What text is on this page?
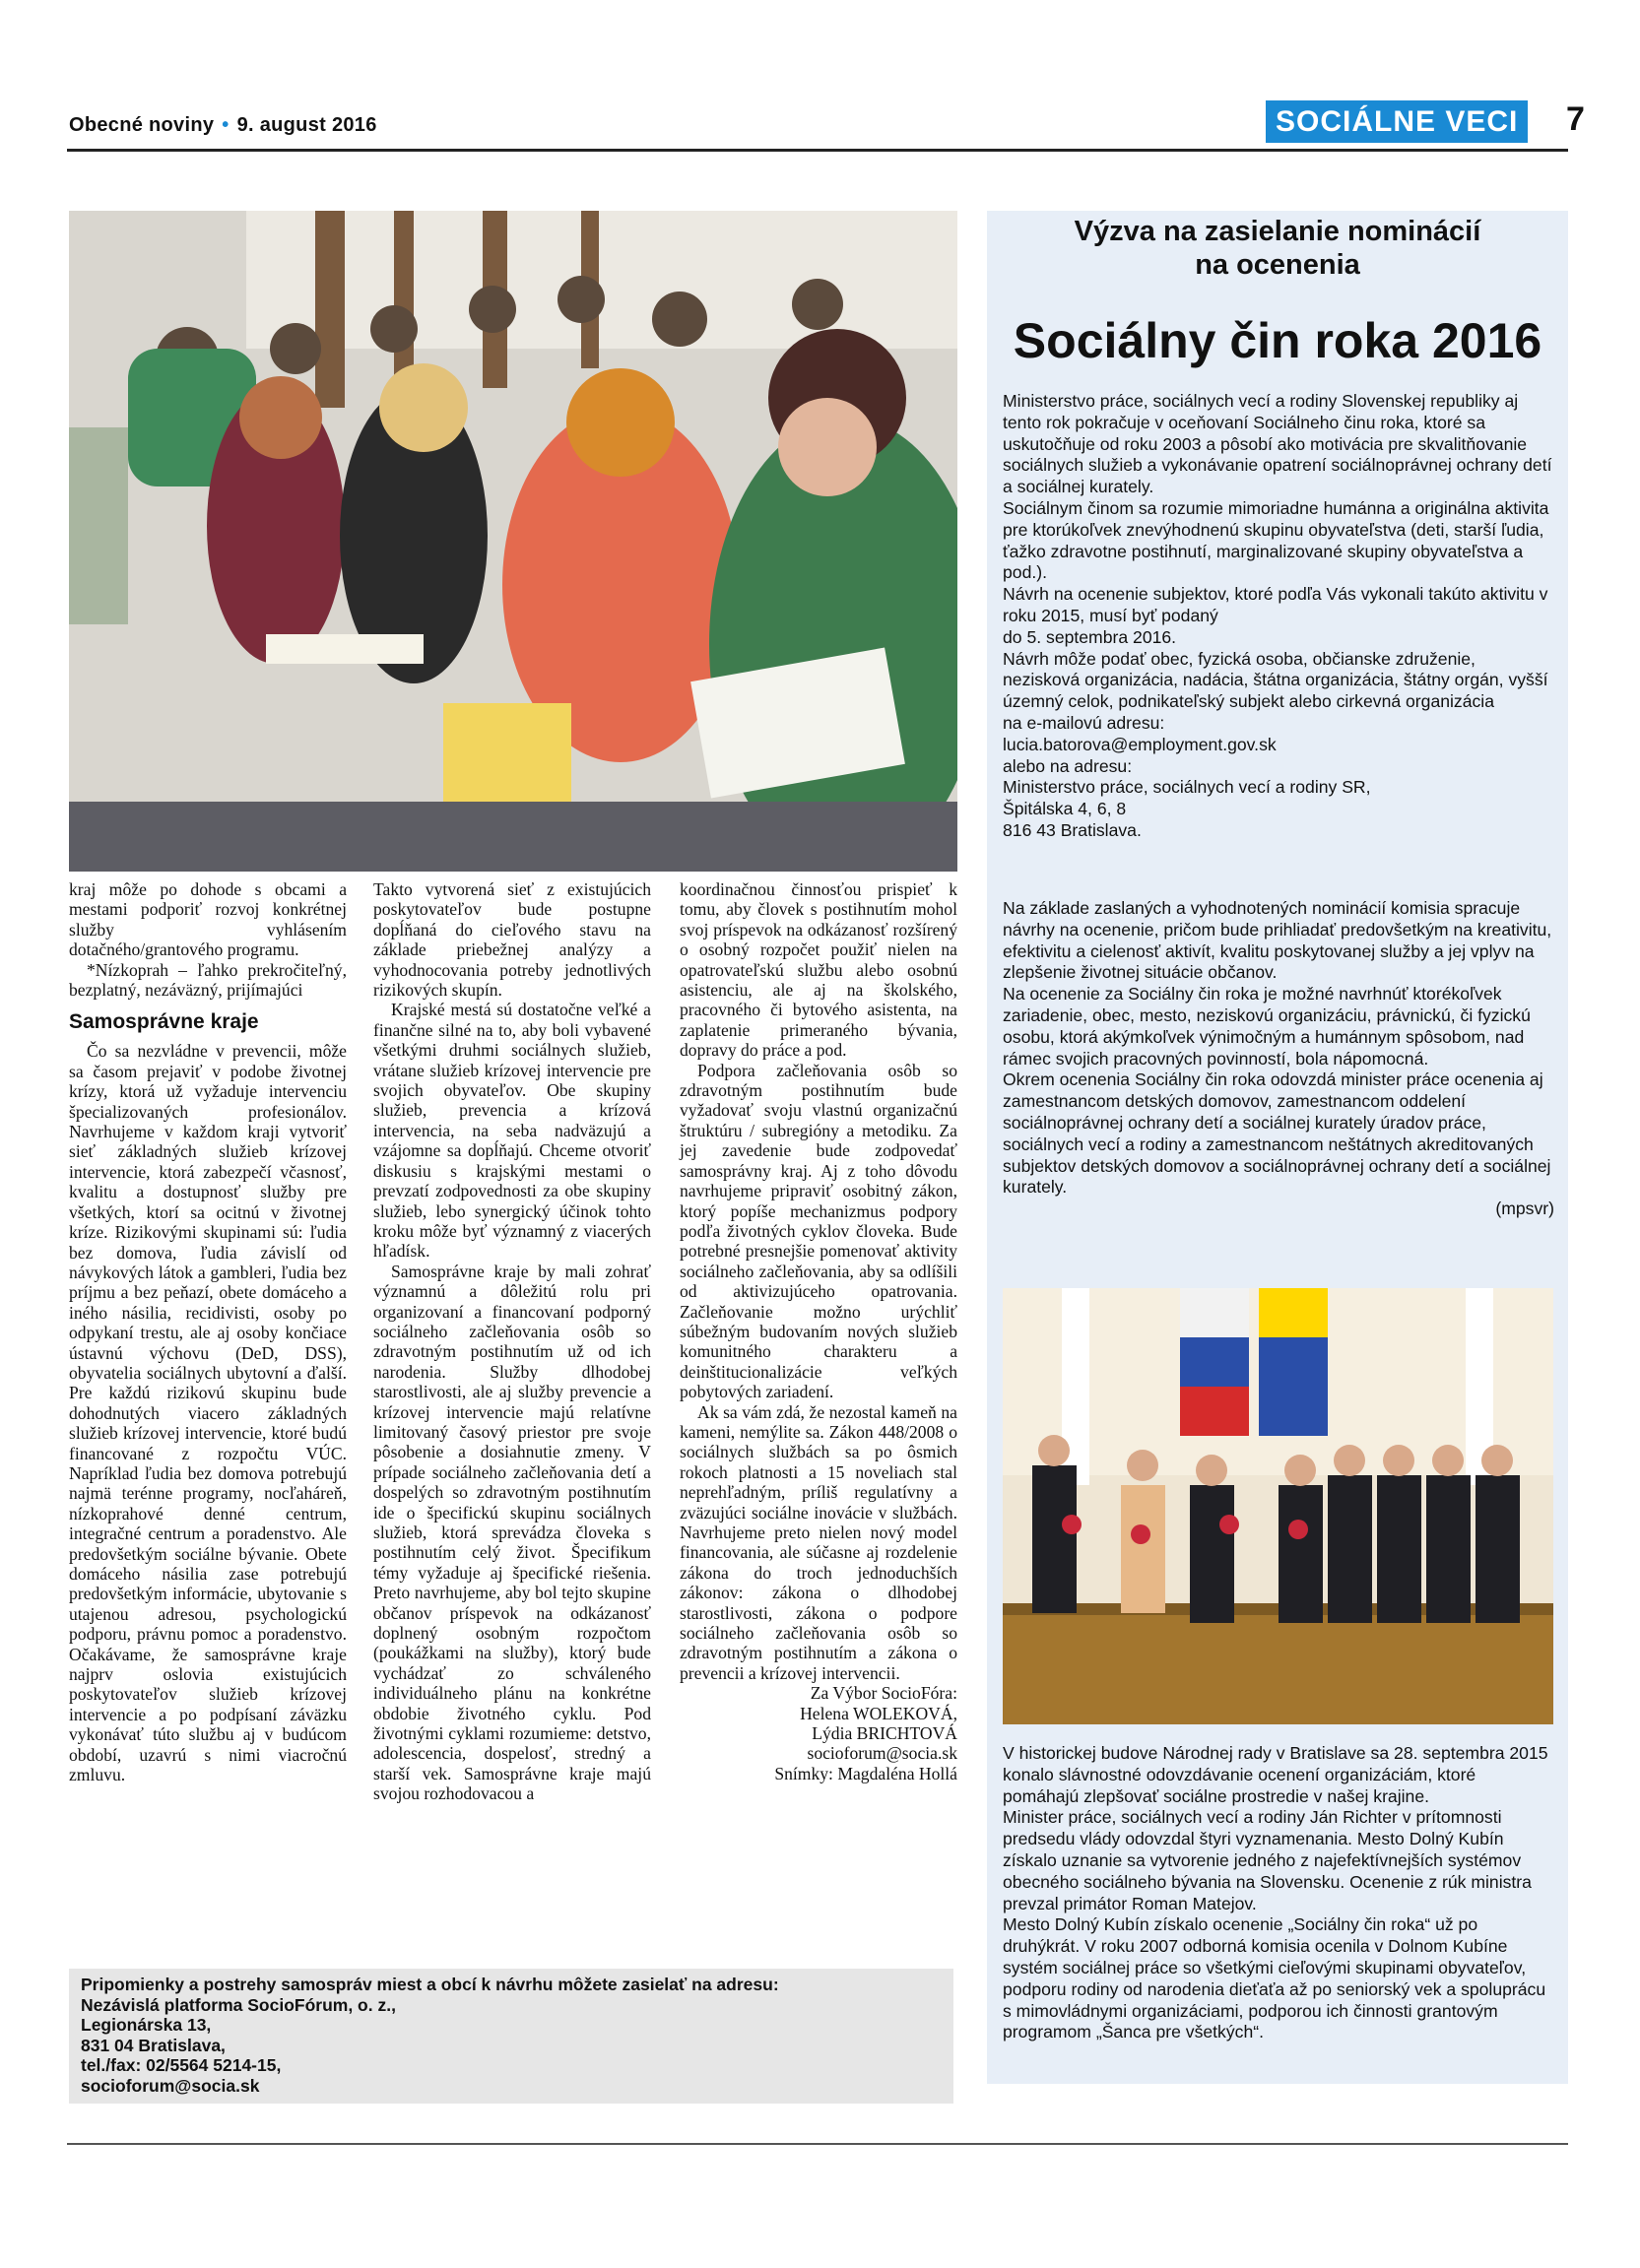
Obecné noviny • 9. august 2016	SOCIÁLNE VECI 7

kraj môže po dohode s obcami a mestami podporiť rozvoj konkrétnej služby vyhlásením dotačného/grantového programu.

*Nízkoprah – ľahko prekročiteľný, bezplatný, nezáväzný, prijímajúci

Samosprávne kraje

Čo sa nezvládne v prevencii, môže sa časom prejaviť v podobe životnej krízy, ktorá už vyžaduje intervenciu špecializovaných profesionálov. Navrhujeme v každom kraji vytvoriť sieť základných služieb krízovej intervencie, ktorá zabezpečí včasnosť, kvalitu a dostupnosť služby pre všetkých, ktorí sa ocitnú v životnej kríze. Rizikovými skupinami sú: ľudia bez domova, ľudia závislí od návykových látok a gambleri, ľudia bez príjmu a bez peňazí, obete domáceho a iného násilia, recidivisti, osoby po odpykaní trestu, ale aj osoby končiace ústavnú výchovu (DeD, DSS), obyvatelia sociálnych ubytovní a ďalší. Pre každú rizikovú skupinu bude dohodnutých viacero základných služieb krízovej intervencie, ktoré budú financované z rozpočtu VÚC. Napríklad ľudia bez domova potrebujú najmä terénne programy, nocľaháreň, nízkoprahové denné centrum, integračné centrum a poradenstvo. Ale predovšetkým sociálne bývanie. Obete domáceho násilia zase potrebujú predovšetkým informácie, ubytovanie s utajenou adresou, psychologickú podporu, právnu pomoc a poradenstvo. Očakávame, že samosprávne kraje najprv oslovia existujúcich poskytovateľov služieb krízovej intervencie a po podpísaní záväzku vykonávať túto službu aj v budúcom období, uzavrú s nimi viacročnú zmluvu.

Takto vytvorená sieť z existujúcich poskytovateľov bude postupne dopĺňaná do cieľového stavu na základe priebežnej analýzy a vyhodnocovania potreby jednotlivých rizikových skupín.

Krajské mestá sú dostatočne veľké a finančne silné na to, aby boli vybavené všetkými druhmi sociálnych služieb, vrátane služieb krízovej intervencie pre svojich obyvateľov. Obe skupiny služieb, prevencia a krízová intervencia, na seba nadväzujú a vzájomne sa dopĺňajú. Chceme otvoriť diskusiu s krajskými mestami o prevzatí zodpovednosti za obe skupiny služieb, lebo synergický účinok tohto kroku môže byť významný z viacerých hľadísk.

Samosprávne kraje by mali zohrať významnú a dôležitú rolu pri organizovaní a financovaní podporný sociálneho začleňovania osôb so zdravotným postihnutím už od ich narodenia. Služby dlhodobej starostlivosti, ale aj služby prevencie a krízovej intervencie majú relatívne limitovaný časový priestor pre svoje pôsobenie a dosiahnutie zmeny. V prípade sociálneho začleňovania detí a dospelých so zdravotným postihnutím ide o špecifickú skupinu sociálnych služieb, ktorá sprevádza človeka s postihnutím celý život. Špecifikum témy vyžaduje aj špecifické riešenia. Preto navrhujeme, aby bol tejto skupine občanov príspevok na odkázanosť doplnený osobným rozpočtom (poukážkami na služby), ktorý bude vychádzať zo schváleného individuálneho plánu na konkrétne obdobie životného cyklu. Pod životnými cyklami rozumieme: detstvo, adolescencia, dospelosť, stredný a starší vek. Samosprávne kraje majú svojou rozhodovacou a

koordinačnou činnosťou prispieť k tomu, aby človek s postihnutím mohol svoj príspevok na odkázanosť rozšírený o osobný rozpočet použiť nielen na opatrovateľskú službu alebo osobnú asistenciu, ale aj na školského, pracovného či bytového asistenta, na zaplatenie primeraného bývania, dopravy do práce a pod.

Podpora začleňovania osôb so zdravotným postihnutím bude vyžadovať svoju vlastnú organizačnú štruktúru / subregióny a metodiku. Za jej zavedenie bude zodpovedať samosprávny kraj. Aj z toho dôvodu navrhujeme pripraviť osobitný zákon, ktorý popíše mechanizmus podpory podľa životných cyklov človeka. Bude potrebné presnejšie pomenovať aktivity sociálneho začleňovania, aby sa odlíšili od aktivizujúceho opatrovania. Začleňovanie možno urýchliť súbežným budovaním nových služieb komunitného charakteru a deinštitucionalizácie veľkých pobytových zariadení.

Ak sa vám zdá, že nezostal kameň na kameni, nemýlite sa. Zákon 448/2008 o sociálnych službách sa po ôsmich rokoch platnosti a 15 noveliach stal neprehľadným, príliš regulatívny a zväzujúci sociálne inovácie v službách. Navrhujeme preto nielen nový model financovania, ale súčasne aj rozdelenie zákona do troch jednoduchších zákonov: zákona o dlhodobej starostlivosti, zákona o podpore sociálneho začleňovania osôb so zdravotným postihnutím a zákona o prevencii a krízovej intervencii.

Za Výbor SocioFóra:

Helena WOLEKOVÁ,

Lýdia BRICHTOVÁ

socioforum@socia.sk

Snímky: Magdaléna Hollá

Výzva na zasielanie nominácií
na ocenenia
Sociálny čin roka 2016

Ministerstvo práce, sociálnych vecí a rodiny Slovenskej republiky aj tento rok pokračuje v oceňovaní Sociálneho činu roka, ktoré sa uskutočňuje od roku 2003 a pôsobí ako motivácia pre skvalitňovanie sociálnych služieb a vykonávanie opatrení sociálnoprávnej ochrany detí a sociálnej kurately.

Sociálnym činom sa rozumie mimoriadne humánna a originálna aktivita pre ktorúkoľvek znevýhodnenú skupinu obyvateľstva (deti, starší ľudia, ťažko zdravotne postihnutí, marginalizované skupiny obyvateľstva a pod.).

Návrh na ocenenie subjektov, ktoré podľa Vás vykonali takúto aktivitu v roku 2015, musí byť podaný

do 5. septembra 2016.

Návrh môže podať obec, fyzická osoba, občianske združenie, nezisková organizácia, nadácia, štátna organizácia, štátny orgán, vyšší územný celok, podnikateľský subjekt alebo cirkevná organizácia

na e-mailovú adresu:

lucia.batorova@employment.gov.sk

alebo na adresu:

Ministerstvo práce, sociálnych vecí a rodiny SR,

Špitálska 4, 6, 8

816 43 Bratislava.

Na základe zaslaných a vyhodnotených nominácií komisia spracuje návrhy na ocenenie, pričom bude prihliadať predovšetkým na kreativitu, efektivitu a cielenosť aktivít, kvalitu poskytovanej služby a jej vplyv na zlepšenie životnej situácie občanov.

Na ocenenie za Sociálny čin roka je možné navrhnúť ktorékoľvek zariadenie, obec, mesto, neziskovú organizáciu, právnickú, či fyzickú osobu, ktorá akýmkoľvek výnimočným a humánnym spôsobom, nad rámec svojich pracovných povinností, bola nápomocná.

Okrem ocenenia Sociálny čin roka odovzdá minister práce ocenenia aj zamestnancom detských domovov, zamestnancom oddelení sociálnoprávnej ochrany detí a sociálnej kurately úradov práce, sociálnych vecí a rodiny a zamestnancom neštátnych akreditovaných subjektov detských domovov a sociálnoprávnej ochrany detí a sociálnej kurately.

(mpsvr)

V historickej budove Národnej rady v Bratislave sa 28. septembra 2015 konalo slávnostné odovzdávanie ocenení organizáciám, ktoré pomáhajú zlepšovať sociálne prostredie v našej krajine.

Minister práce, sociálnych vecí a rodiny Ján Richter v prítomnosti predsedu vlády odovzdal štyri vyznamenania. Mesto Dolný Kubín získalo uznanie sa vytvorenie jedného z najefektívnejších systémov obecného sociálneho bývania na Slovensku. Ocenenie z rúk ministra prevzal primátor Roman Matejov.

Mesto Dolný Kubín získalo ocenenie „Sociálny čin roka“ už po druhýkrát. V roku 2007 odborná komisia ocenila v Dolnom Kubíne systém sociálnej práce so všetkými cieľovými skupinami obyvateľov, podporu rodiny od narodenia dieťaťa až po seniorský vek a spoluprácu s mimovládnymi organizáciami, podporou ich činnosti grantovým programom „Šanca pre všetkých“.

Pripomienky a postrehy samospráv miest a obcí k návrhu môžete zasielať na adresu:
Nezávislá platforma SocioFórum, o. z.,
Legionárska 13,
831 04 Bratislava,
tel./fax: 02/5564 5214-15,
socioforum@socia.sk
